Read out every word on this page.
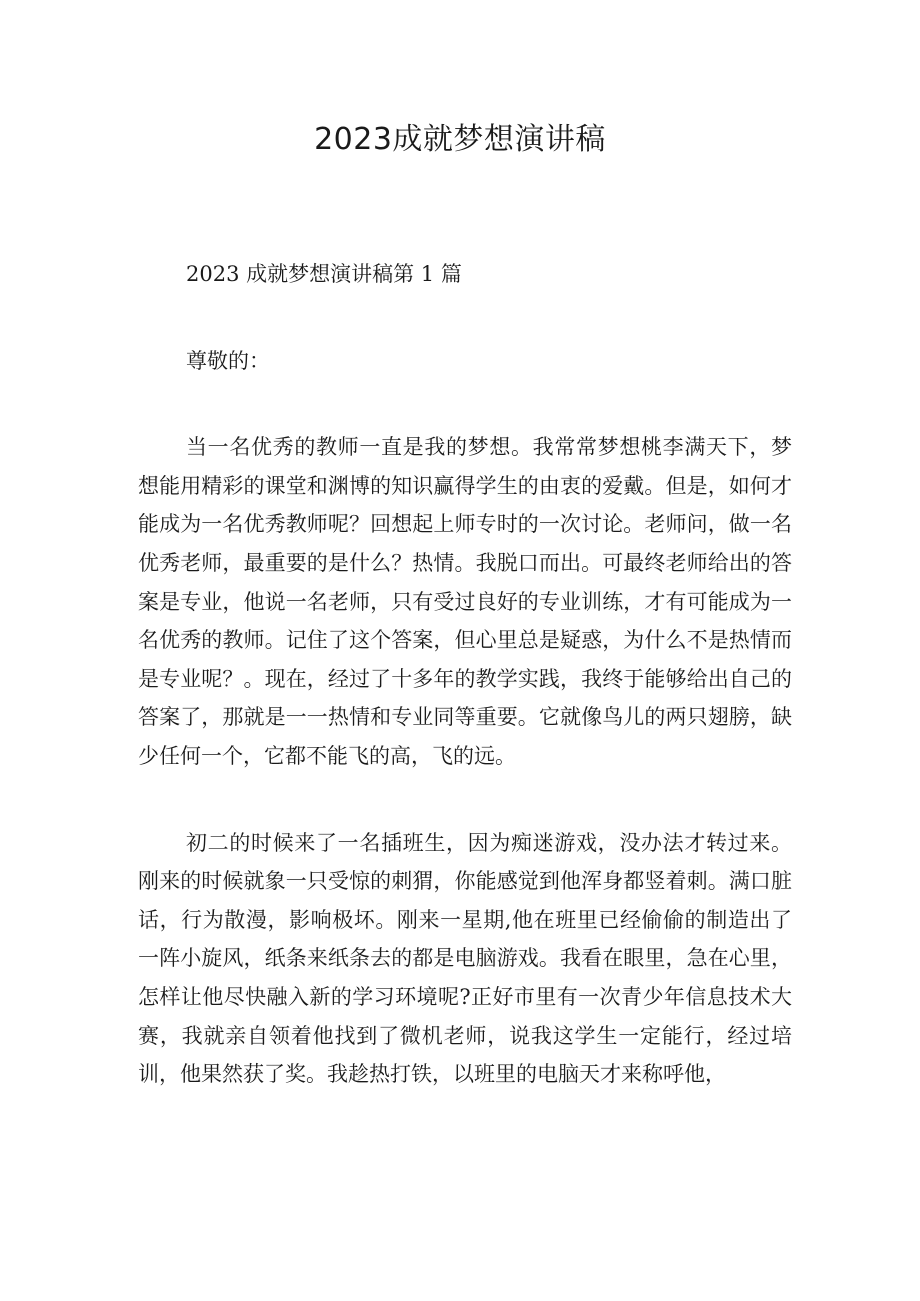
2023成就梦想演讲稿

2023 成就梦想演讲稿第 1 篇

尊敬的：

当一名优秀的教师一直是我的梦想。我常常梦想桃李满天下，梦想能用精彩的课堂和渊博的知识赢得学生的由衷的爱戴。但是，如何才能成为一名优秀教师呢？回想起上师专时的一次讨论。老师问，做一名优秀老师，最重要的是什么？热情。我脱口而出。可最终老师给出的答案是专业，他说一名老师，只有受过良好的专业训练，才有可能成为一名优秀的教师。记住了这个答案，但心里总是疑惑，为什么不是热情而是专业呢？。现在，经过了十多年的教学实践，我终于能够给出自己的答案了，那就是一一热情和专业同等重要。它就像鸟儿的两只翅膀，缺少任何一个，它都不能飞的高，飞的远。

初二的时候来了一名插班生，因为痴迷游戏，没办法才转过来。刚来的时候就象一只受惊的刺猬，你能感觉到他浑身都竖着刺。满口脏话，行为散漫，影响极坏。刚来一星期,他在班里已经偷偷的制造出了一阵小旋风，纸条来纸条去的都是电脑游戏。我看在眼里，急在心里，怎样让他尽快融入新的学习环境呢?正好市里有一次青少年信息技术大赛，我就亲自领着他找到了微机老师，说我这学生一定能行，经过培训，他果然获了奖。我趁热打铁，以班里的电脑天才来称呼他，
